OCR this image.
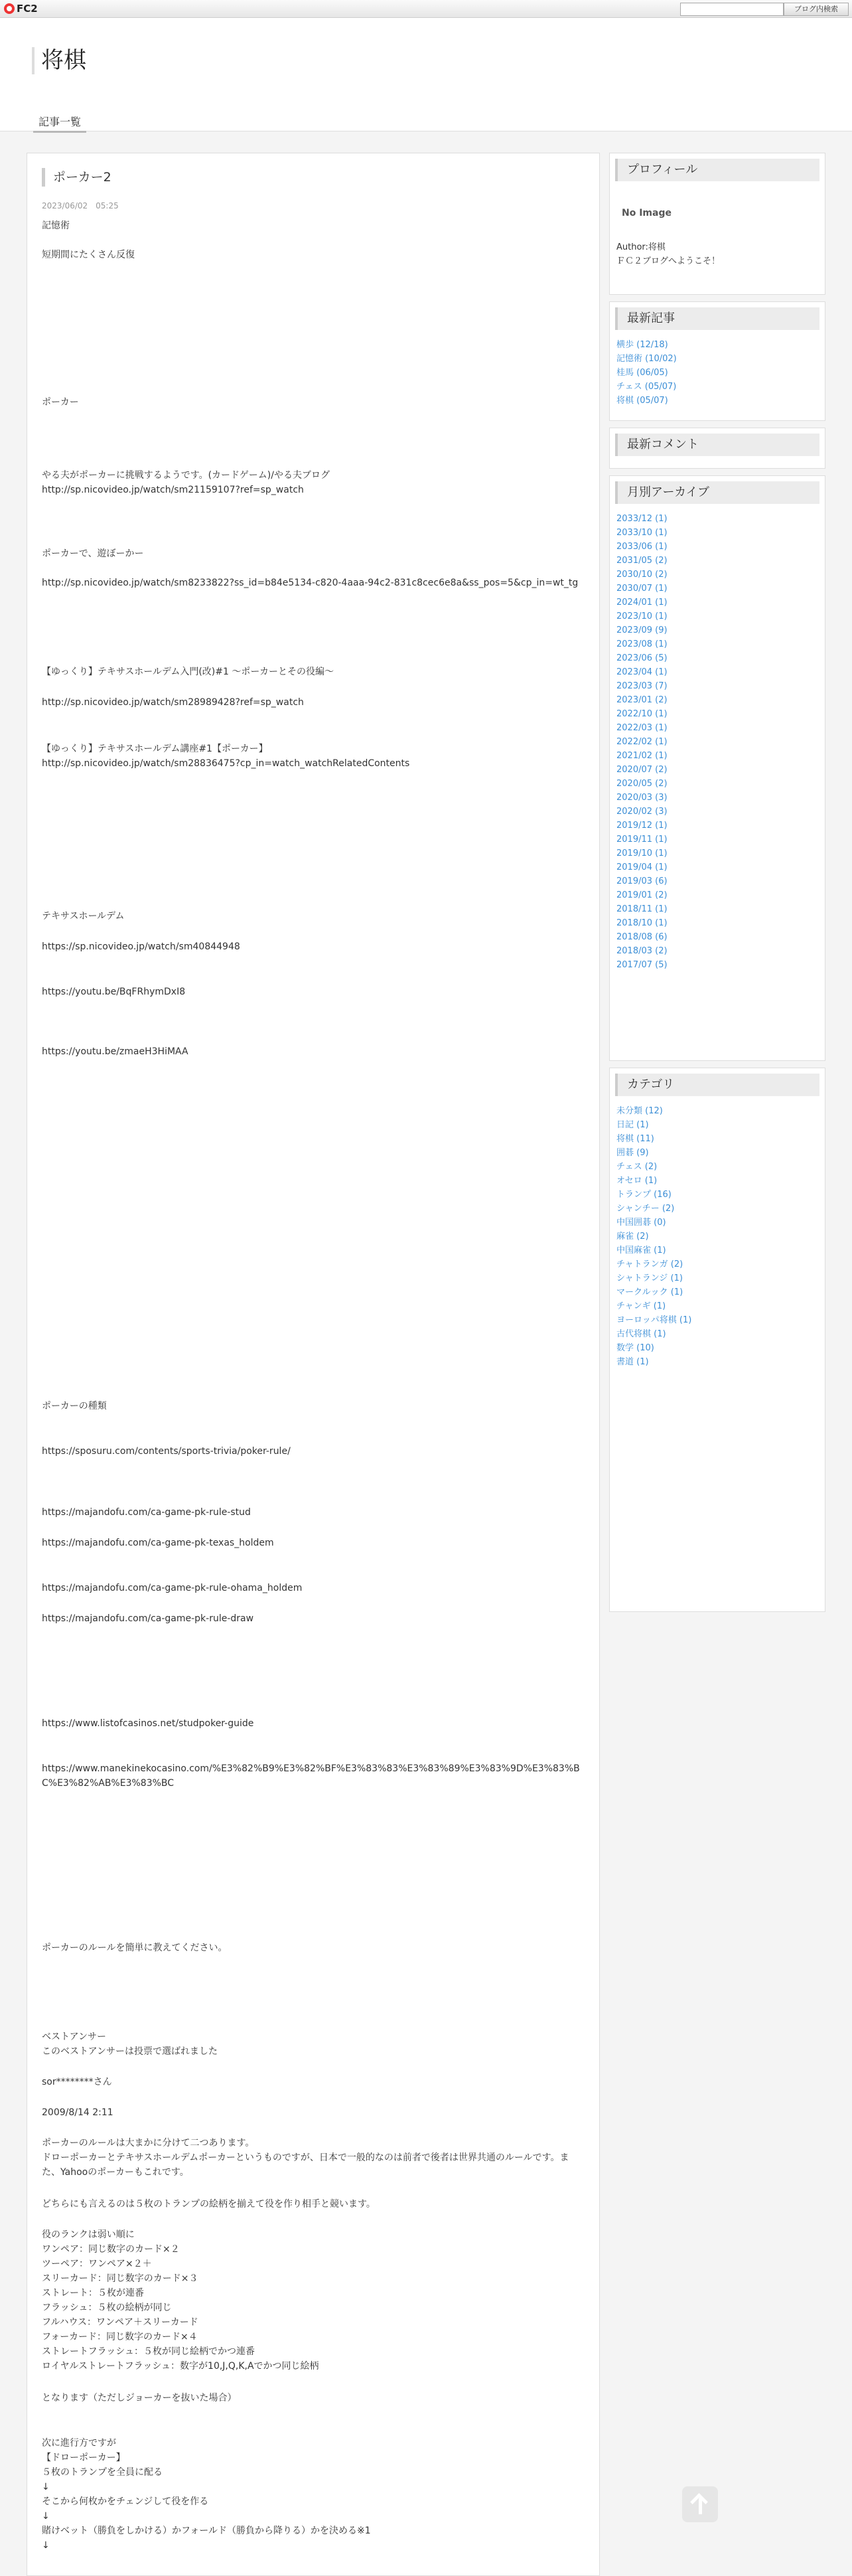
FC2	ブログ内検索
将棋
記事一覧
ポーカー2
2023/06/02　05:25
記憶術
短期間にたくさん反復
ポーカー
やる夫がポーカーに挑戦するようです。(カードゲーム)/やる夫ブログ
http://sp.nicovideo.jp/watch/sm21159107?ref=sp_watch
ポーカーで、遊ぼーかー
http://sp.nicovideo.jp/watch/sm8233822?ss_id=b84e5134-c820-4aaa-94c2-831c8cec6e8a&ss_pos=5&cp_in=wt_tg
【ゆっくり】テキサスホールデム入門(改)#1 ～ポーカーとその役編～
http://sp.nicovideo.jp/watch/sm28989428?ref=sp_watch
【ゆっくり】テキサスホールデム講座#1【ポーカー】
http://sp.nicovideo.jp/watch/sm28836475?cp_in=watch_watchRelatedContents
テキサスホールデム
https://sp.nicovideo.jp/watch/sm40844948
https://youtu.be/BqFRhymDxI8
https://youtu.be/zmaeH3HiMAA
ポーカーの種類
https://sposuru.com/contents/sports-trivia/poker-rule/
https://majandofu.com/ca-game-pk-rule-stud
https://majandofu.com/ca-game-pk-texas_holdem
https://majandofu.com/ca-game-pk-rule-ohama_holdem
https://majandofu.com/ca-game-pk-rule-draw
https://www.listofcasinos.net/studpoker-guide
https://www.manekinekocasino.com/%E3%82%B9%E3%82%BF%E3%83%83%E3%83%89%E3%83%9D%E3%83%BC%E3%82%AB%E3%83%BC
ポーカーのルールを簡単に教えてください。
ベストアンサー
このベストアンサーは投票で選ばれました
sor********さん
2009/8/14 2:11
ポーカーのルールは大まかに分けて二つあります。
ドローポーカーとテキサスホールデムポーカーというものですが、日本で一般的なのは前者で後者は世界共通のルールです。また、Yahooのポーカーもこれです。
どちらにも言えるのは５枚のトランプの絵柄を揃えて役を作り相手と競います。
役のランクは弱い順に
ワンペア：同じ数字のカード×２
ツーペア：ワンペア×２＋
スリーカード：同じ数字のカード×３
ストレート：５枚が連番
フラッシュ：５枚の絵柄が同じ
フルハウス：ワンペア＋スリーカード
フォーカード：同じ数字のカード×４
ストレートフラッシュ：５枚が同じ絵柄でかつ連番
ロイヤルストレートフラッシュ：数字が10,J,Q,K,Aでかつ同じ絵柄
となります（ただしジョーカーを抜いた場合）
次に進行方ですが
【ドローポーカー】
５枚のトランプを全員に配る
↓
そこから何枚かをチェンジして役を作る
↓
賭けベット（勝負をしかける）かフォールド（勝負から降りる）かを決める※1
↓
プロフィール
No Image
Author:将棋
ＦＣ２ブログへようこそ！
最新記事
横歩 (12/18)
記憶術 (10/02)
桂馬 (06/05)
チェス (05/07)
将棋 (05/07)
最新コメント
月別アーカイブ
2033/12 (1)
2033/10 (1)
2033/06 (1)
2031/05 (2)
2030/10 (2)
2030/07 (1)
2024/01 (1)
2023/10 (1)
2023/09 (9)
2023/08 (1)
2023/06 (5)
2023/04 (1)
2023/03 (7)
2023/01 (2)
2022/10 (1)
2022/03 (1)
2022/02 (1)
2021/02 (1)
2020/07 (2)
2020/05 (2)
2020/03 (3)
2020/02 (3)
2019/12 (1)
2019/11 (1)
2019/10 (1)
2019/04 (1)
2019/03 (6)
2019/01 (2)
2018/11 (1)
2018/10 (1)
2018/08 (6)
2018/03 (2)
2017/07 (5)
カテゴリ
未分類 (12)
日記 (1)
将棋 (11)
囲碁 (9)
チェス (2)
オセロ (1)
トランプ (16)
シャンチー (2)
中国囲碁 (0)
麻雀 (2)
中国麻雀 (1)
チャトランガ (2)
シャトランジ (1)
マークルック (1)
チャンギ (1)
ヨーロッパ将棋 (1)
古代将棋 (1)
数学 (10)
書道 (1)
